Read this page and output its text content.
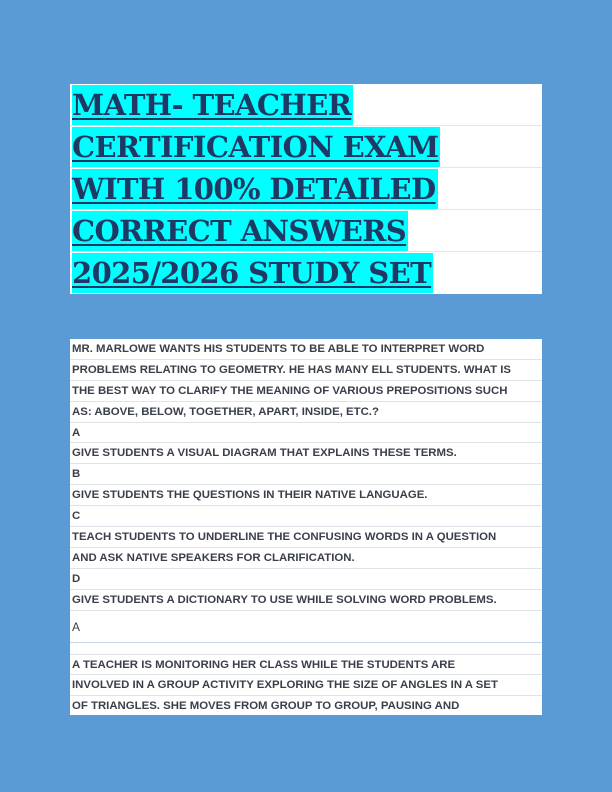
MATH- TEACHER
CERTIFICATION EXAM
WITH 100% DETAILED
CORRECT ANSWERS
2025/2026 STUDY SET
MR. MARLOWE WANTS HIS STUDENTS TO BE ABLE TO INTERPRET WORD
PROBLEMS RELATING TO GEOMETRY. HE HAS MANY ELL STUDENTS. WHAT IS
THE BEST WAY TO CLARIFY THE MEANING OF VARIOUS PREPOSITIONS SUCH
AS: ABOVE, BELOW, TOGETHER, APART, INSIDE, ETC.?
A
GIVE STUDENTS A VISUAL DIAGRAM THAT EXPLAINS THESE TERMS.
B
GIVE STUDENTS THE QUESTIONS IN THEIR NATIVE LANGUAGE.
C
TEACH STUDENTS TO UNDERLINE THE CONFUSING WORDS IN A QUESTION
AND ASK NATIVE SPEAKERS FOR CLARIFICATION.
D
GIVE STUDENTS A DICTIONARY TO USE WHILE SOLVING WORD PROBLEMS.
A
A TEACHER IS MONITORING HER CLASS WHILE THE STUDENTS ARE
INVOLVED IN A GROUP ACTIVITY EXPLORING THE SIZE OF ANGLES IN A SET
OF TRIANGLES. SHE MOVES FROM GROUP TO GROUP, PAUSING AND
